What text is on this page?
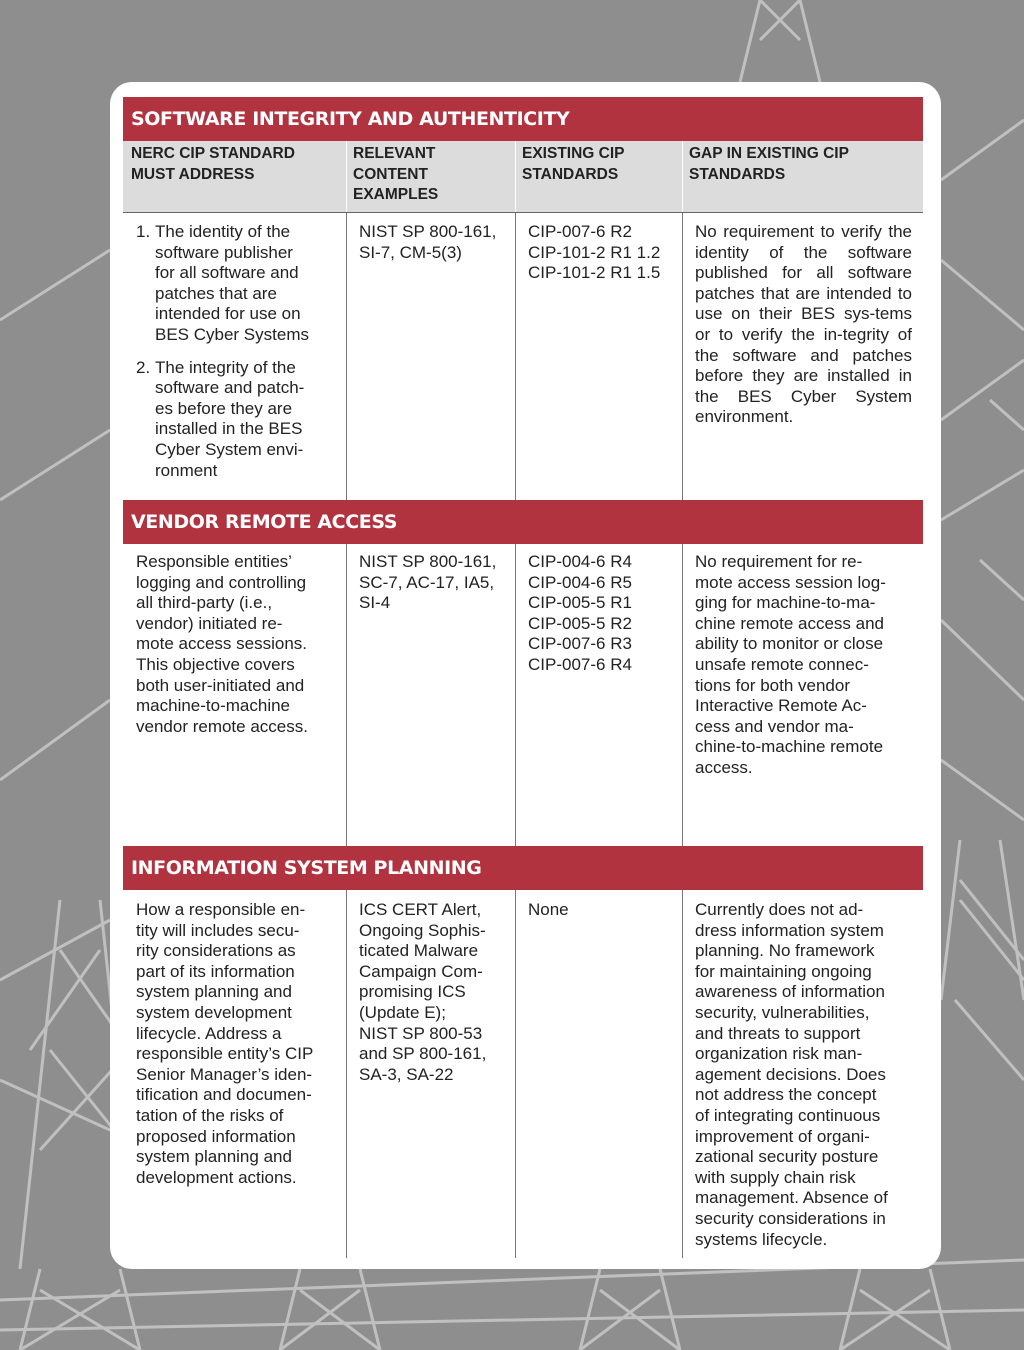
SOFTWARE INTEGRITY AND AUTHENTICITY
NERC CIP STANDARD
MUST ADDRESS
RELEVANT
CONTENT
EXAMPLES
EXISTING CIP
STANDARDS
GAP IN EXISTING CIP
STANDARDS
1. The identity of the
software publisher
for all software and
patches that are
intended for use on
BES Cyber Systems
2. The integrity of the
software and patch-
es before they are
installed in the BES
Cyber System envi-
ronment
NIST SP 800-161,
SI-7, CM-5(3)
CIP-007-6 R2
CIP-101-2 R1 1.2
CIP-101-2 R1 1.5
No requirement to verify the identity of the software published for all software patches that are intended to use on their BES sys-tems or to verify the in-tegrity of the software and patches before they are installed in the BES Cyber System environment.
VENDOR REMOTE ACCESS
Responsible entities’
logging and controlling
all third-party (i.e.,
vendor) initiated re-
mote access sessions.
This objective covers
both user-initiated and
machine-to-machine
vendor remote access.
NIST SP 800-161,
SC-7, AC-17, IA5,
SI-4
CIP-004-6 R4
CIP-004-6 R5
CIP-005-5 R1
CIP-005-5 R2
CIP-007-6 R3
CIP-007-6 R4
No requirement for re-
mote access session log-
ging for machine-to-ma-
chine remote access and
ability to monitor or close
unsafe remote connec-
tions for both vendor
Interactive Remote Ac-
cess and vendor ma-
chine-to-machine remote
access.
INFORMATION SYSTEM PLANNING
How a responsible en-
tity will includes secu-
rity considerations as
part of its information
system planning and
system development
lifecycle. Address a
responsible entity’s CIP
Senior Manager’s iden-
tification and documen-
tation of the risks of
proposed information
system planning and
development actions.
ICS CERT Alert,
Ongoing Sophis-
ticated Malware
Campaign Com-
promising ICS
(Update E);
NIST SP 800-53
and SP 800-161,
SA-3, SA-22
None	Currently does not ad-
dress information system
planning. No framework
for maintaining ongoing
awareness of information
security, vulnerabilities,
and threats to support
organization risk man-
agement decisions. Does
not address the concept
of integrating continuous
improvement of organi-
zational security posture
with supply chain risk
management. Absence of
security considerations in
systems lifecycle.
